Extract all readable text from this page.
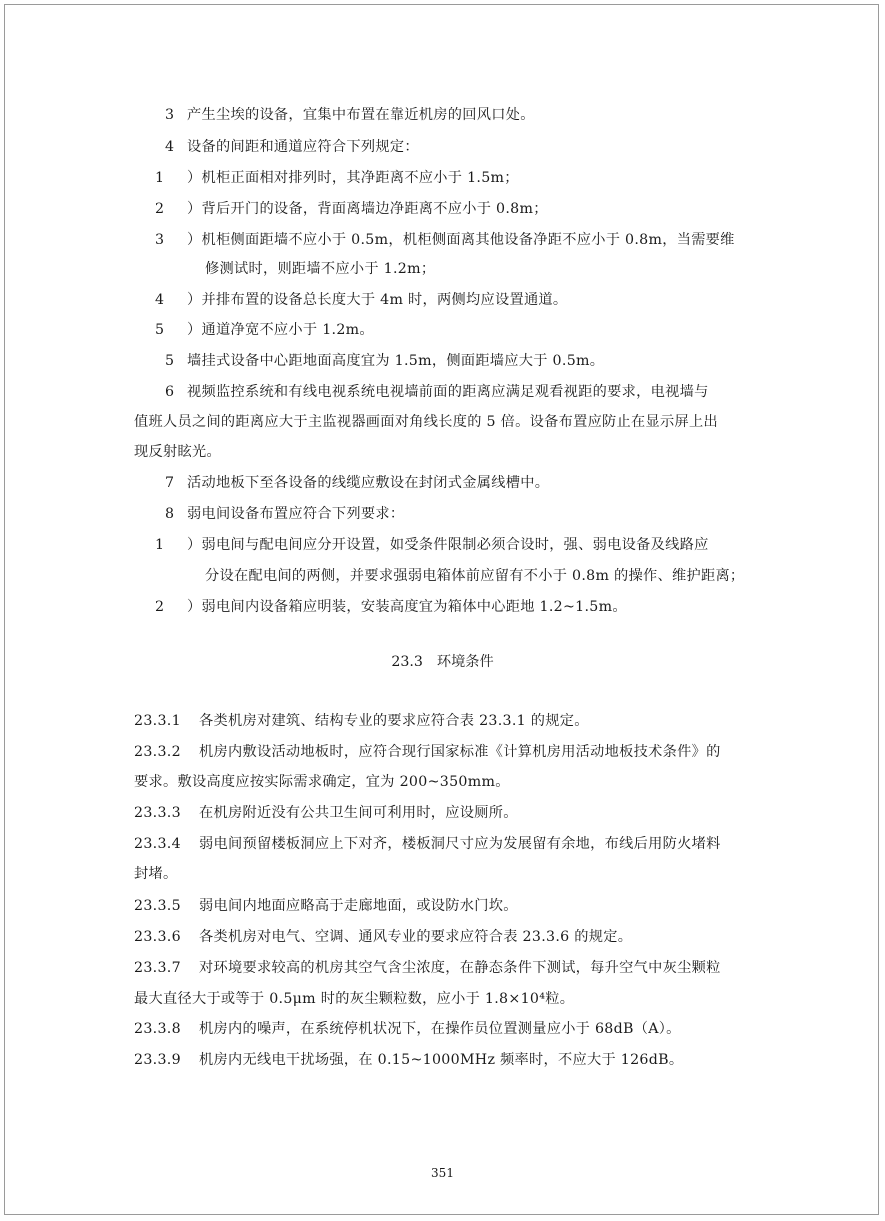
3 产生尘埃的设备，宜集中布置在靠近机房的回风口处。
4 设备的间距和通道应符合下列规定：
1 ）机柜正面相对排列时，其净距离不应小于 1.5m；
2 ）背后开门的设备，背面离墙边净距离不应小于 0.8m；
3 ）机柜侧面距墙不应小于 0.5m，机柜侧面离其他设备净距不应小于 0.8m，当需要维
修测试时，则距墙不应小于 1.2m；
4 ）并排布置的设备总长度大于 4m 时，两侧均应设置通道。
5 ）通道净宽不应小于 1.2m。
5 墙挂式设备中心距地面高度宜为 1.5m，侧面距墙应大于 0.5m。
6 视频监控系统和有线电视系统电视墙前面的距离应满足观看视距的要求，电视墙与
值班人员之间的距离应大于主监视器画面对角线长度的 5 倍。设备布置应防止在显示屏上出
现反射眩光。
7 活动地板下至各设备的线缆应敷设在封闭式金属线槽中。
8 弱电间设备布置应符合下列要求：
1 ）弱电间与配电间应分开设置，如受条件限制必须合设时，强、弱电设备及线路应
分设在配电间的两侧，并要求强弱电箱体前应留有不小于 0.8m 的操作、维护距离；
2 ）弱电间内设备箱应明装，安装高度宜为箱体中心距地 1.2~1.5m。
23.3 环境条件
23.3.1 各类机房对建筑、结构专业的要求应符合表 23.3.1 的规定。
23.3.2 机房内敷设活动地板时，应符合现行国家标准《计算机房用活动地板技术条件》的
要求。敷设高度应按实际需求确定，宜为 200~350mm。
23.3.3 在机房附近没有公共卫生间可利用时，应设厕所。
23.3.4 弱电间预留楼板洞应上下对齐，楼板洞尺寸应为发展留有余地，布线后用防火堵料
封堵。
23.3.5 弱电间内地面应略高于走廊地面，或设防水门坎。
23.3.6 各类机房对电气、空调、通风专业的要求应符合表 23.3.6 的规定。
23.3.7 对环境要求较高的机房其空气含尘浓度，在静态条件下测试，每升空气中灰尘颗粒
最大直径大于或等于 0.5μm 时的灰尘颗粒数，应小于 1.8×10⁴粒。
23.3.8 机房内的噪声，在系统停机状况下，在操作员位置测量应小于 68dB（A）。
23.3.9 机房内无线电干扰场强，在 0.15~1000MHz 频率时，不应大于 126dB。
351
